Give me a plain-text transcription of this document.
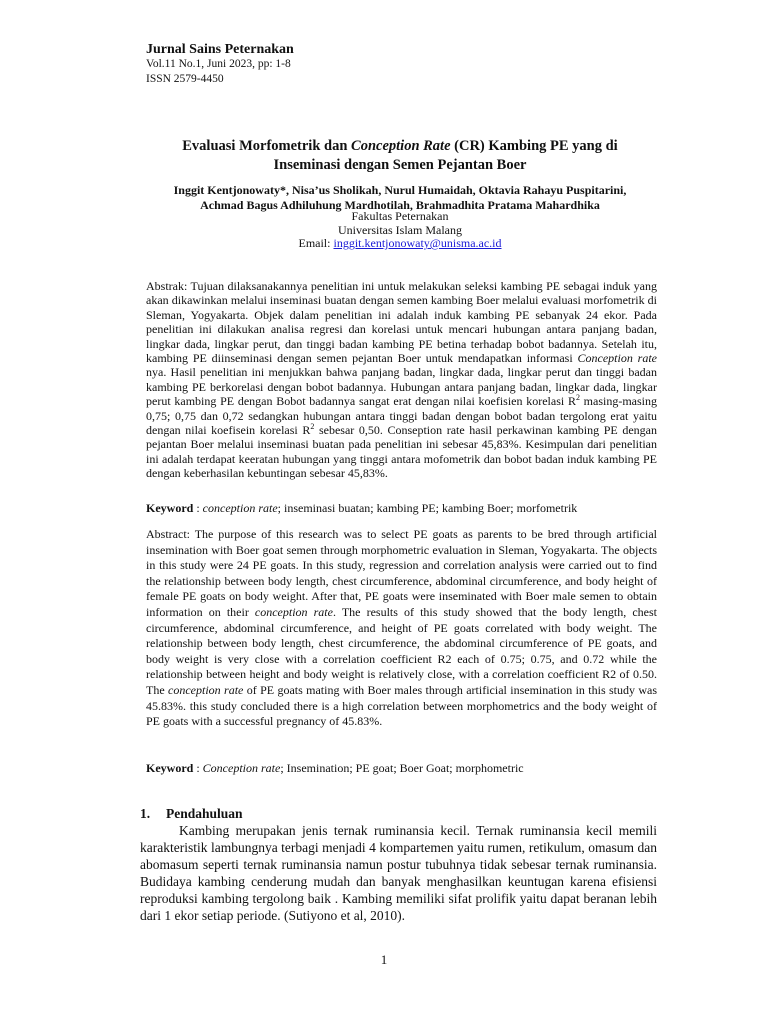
Jurnal Sains Peternakan
Vol.11 No.1, Juni 2023, pp: 1-8
ISSN 2579-4450
Evaluasi Morfometrik dan Conception Rate (CR) Kambing PE yang di
Inseminasi dengan Semen Pejantan Boer
Inggit Kentjonowaty*, Nisa’us Sholikah, Nurul Humaidah, Oktavia Rahayu Puspitarini,
Achmad Bagus Adhiluhung Mardhotilah, Brahmadhita Pratama Mahardhika
Fakultas Peternakan
Universitas Islam Malang
Email: inggit.kentjonowaty@unisma.ac.id
Abstrak: Tujuan dilaksanakannya penelitian ini untuk melakukan seleksi kambing PE sebagai induk yang akan dikawinkan melalui inseminasi buatan dengan semen kambing Boer melalui evaluasi morfometrik di Sleman, Yogyakarta. Objek dalam penelitian ini adalah induk kambing PE sebanyak 24 ekor. Pada penelitian ini dilakukan analisa regresi dan korelasi untuk mencari hubungan antara panjang badan, lingkar dada, lingkar perut, dan tinggi badan kambing PE betina terhadap bobot badannya. Setelah itu, kambing PE diinseminasi dengan semen pejantan Boer untuk mendapatkan informasi Conception rate nya. Hasil penelitian ini menjukkan bahwa panjang badan, lingkar dada, lingkar perut dan tinggi badan kambing PE berkorelasi dengan bobot badannya. Hubungan antara panjang badan, lingkar dada, lingkar perut kambing PE dengan Bobot badannya sangat erat dengan nilai koefisien korelasi $R^2$ masing-masing 0,75; 0,75 dan 0,72 sedangkan hubungan antara tinggi badan dengan bobot badan tergolong erat yaitu dengan nilai koefisein korelasi $R^2$ sebesar 0,50. Conseption rate hasil perkawinan kambing PE dengan pejantan Boer melalui inseminasi buatan pada penelitian ini sebesar 45,83%. Kesimpulan dari penelitian ini adalah terdapat keeratan hubungan yang tinggi antara mofometrik dan bobot badan induk kambing PE dengan keberhasilan kebuntingan sebesar 45,83%.
Keyword : conception rate; inseminasi buatan; kambing PE; kambing Boer; morfometrik
Abstract: The purpose of this research was to select PE goats as parents to be bred through artificial insemination with Boer goat semen through morphometric evaluation in Sleman, Yogyakarta. The objects in this study were 24 PE goats. In this study, regression and correlation analysis were carried out to find the relationship between body length, chest circumference, abdominal circumference, and body height of female PE goats on body weight. After that, PE goats were inseminated with Boer male semen to obtain information on their conception rate. The results of this study showed that the body length, chest circumference, abdominal circumference, and height of PE goats correlated with body weight. The relationship between body length, chest circumference, the abdominal circumference of PE goats, and body weight is very close with a correlation coefficient R2 each of 0.75; 0.75, and 0.72 while the relationship between height and body weight is relatively close, with a correlation coefficient R2 of 0.50. The conception rate of PE goats mating with Boer males through artificial insemination in this study was 45.83%. this study concluded there is a high correlation between morphometrics and the body weight of PE goats with a successful pregnancy of 45.83%.
Keyword : Conception rate; Insemination; PE goat; Boer Goat; morphometric
1. Pendahuluan

Kambing merupakan jenis ternak ruminansia kecil. Ternak ruminansia kecil memili karakteristik lambungnya terbagi menjadi 4 kompartemen yaitu rumen, retikulum, omasum dan abomasum seperti ternak ruminansia namun postur tubuhnya tidak sebesar ternak ruminansia. Budidaya kambing cenderung mudah dan banyak menghasilkan keuntugan karena efisiensi reproduksi kambing tergolong baik . Kambing memiliki sifat prolifik yaitu dapat beranan lebih dari 1 ekor setiap periode. (Sutiyono et al, 2010).

1
